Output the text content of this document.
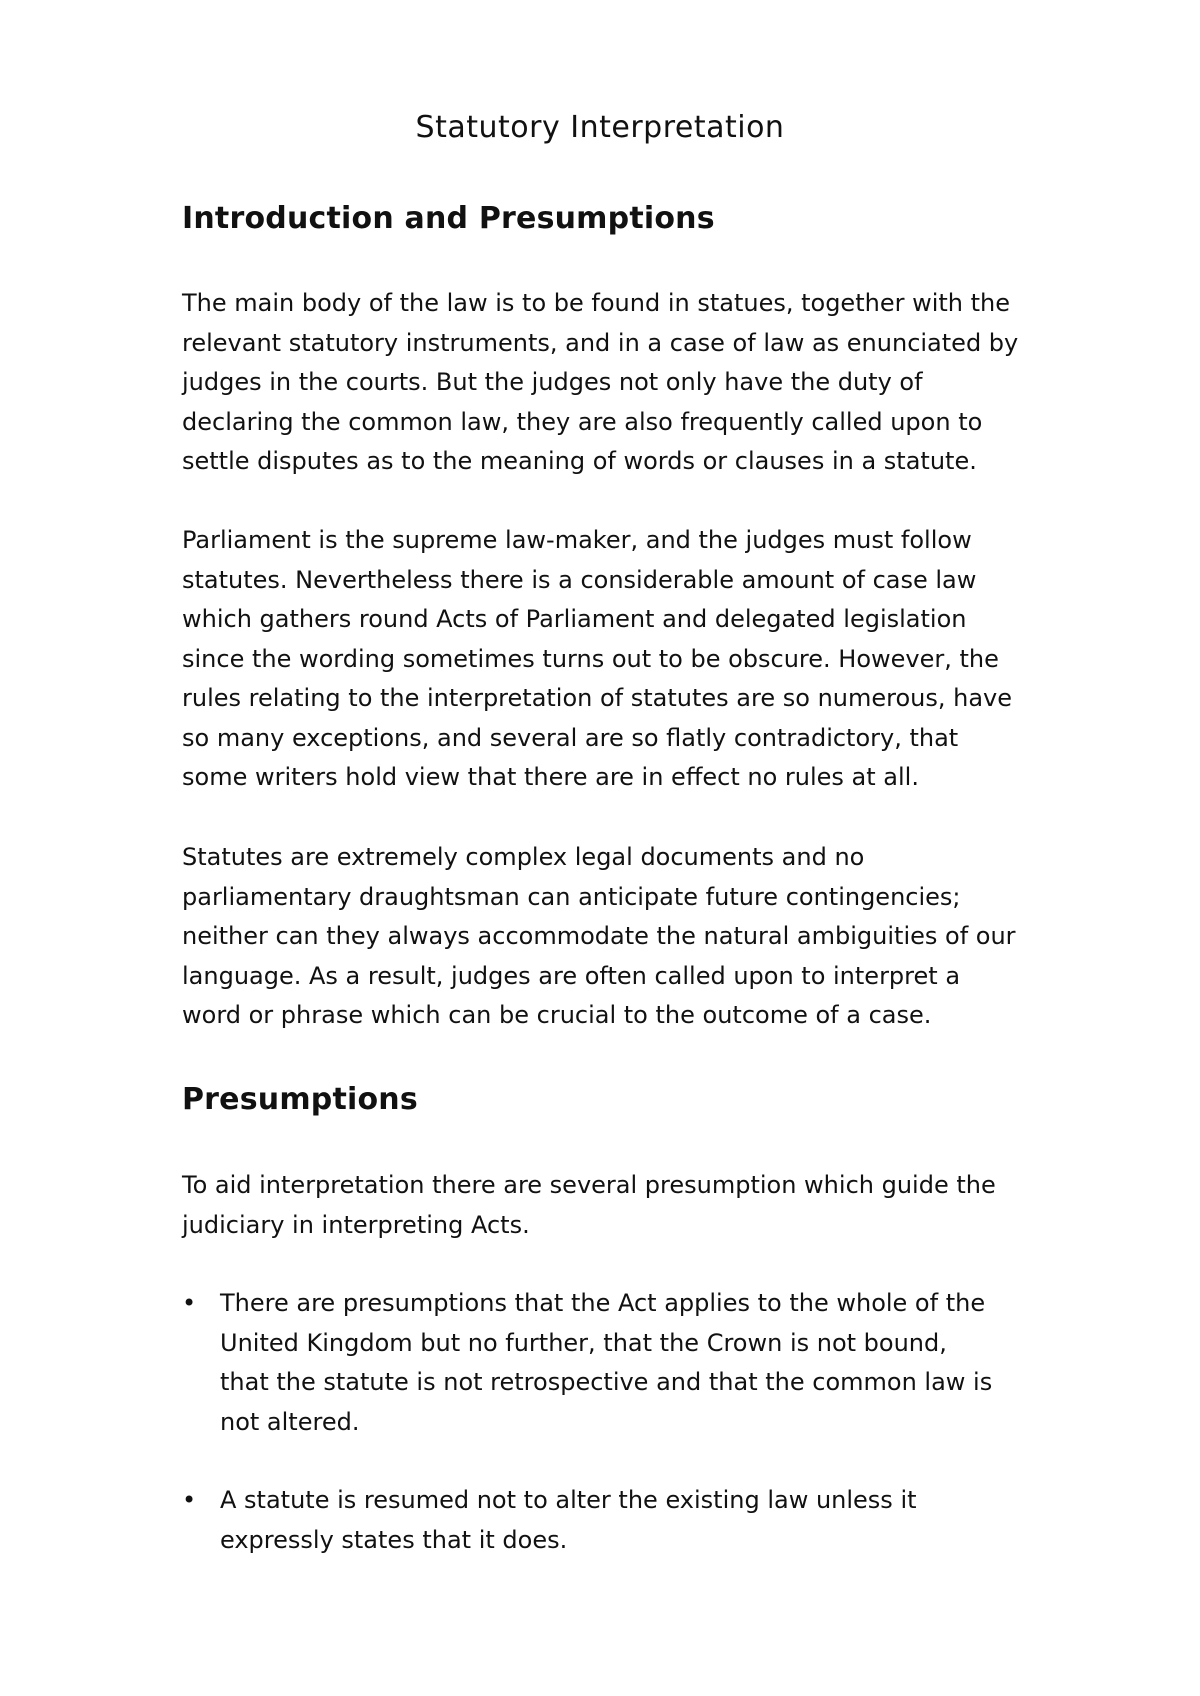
Statutory Interpretation
Introduction and Presumptions

The main body of the law is to be found in statues, together with the
relevant statutory instruments, and in a case of law as enunciated by
judges in the courts. But the judges not only have the duty of
declaring the common law, they are also frequently called upon to
settle disputes as to the meaning of words or clauses in a statute.

Parliament is the supreme law-maker, and the judges must follow
statutes. Nevertheless there is a considerable amount of case law
which gathers round Acts of Parliament and delegated legislation
since the wording sometimes turns out to be obscure. However, the
rules relating to the interpretation of statutes are so numerous, have
so many exceptions, and several are so flatly contradictory, that
some writers hold view that there are in effect no rules at all.

Statutes are extremely complex legal documents and no
parliamentary draughtsman can anticipate future contingencies;
neither can they always accommodate the natural ambiguities of our
language. As a result, judges are often called upon to interpret a
word or phrase which can be crucial to the outcome of a case.

Presumptions

To aid interpretation there are several presumption which guide the
judiciary in interpreting Acts.

• There are presumptions that the Act applies to the whole of the
United Kingdom but no further, that the Crown is not bound,
that the statute is not retrospective and that the common law is
not altered.

• A statute is resumed not to alter the existing law unless it
expressly states that it does.
